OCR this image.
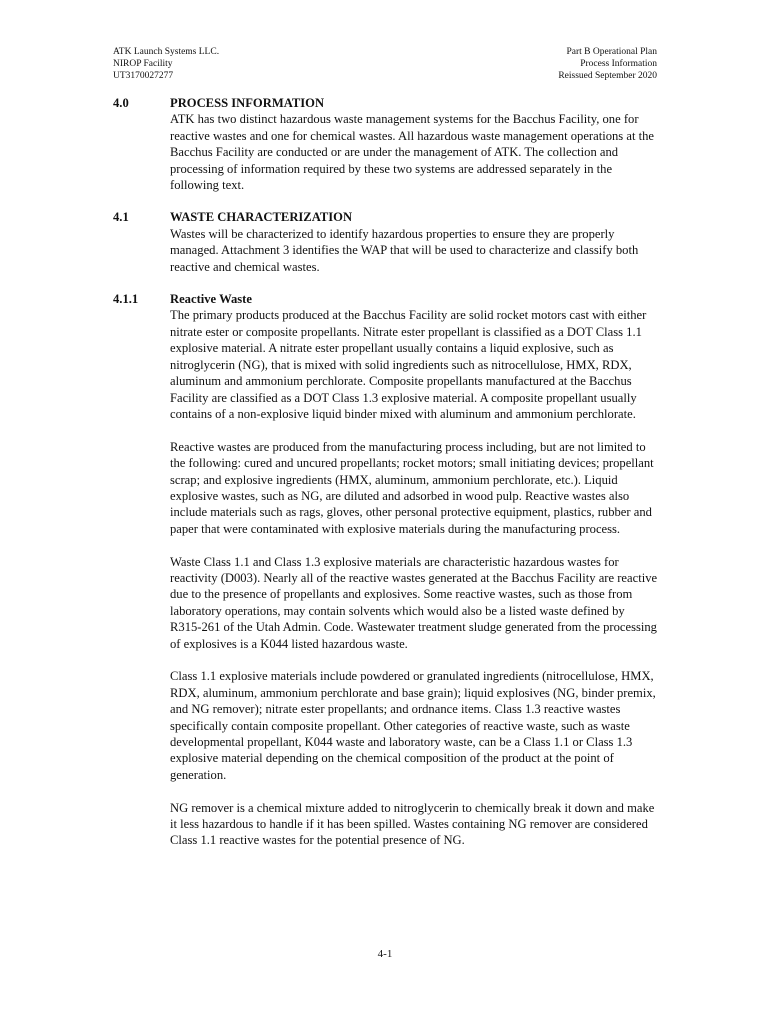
ATK Launch Systems LLC.
NIROP Facility
UT3170027277
Part B Operational Plan
Process Information
Reissued September 2020
4.0	PROCESS INFORMATION

ATK has two distinct hazardous waste management systems for the Bacchus Facility, one for reactive wastes and one for chemical wastes. All hazardous waste management operations at the Bacchus Facility are conducted or are under the management of ATK. The collection and processing of information required by these two systems are addressed separately in the following text.

4.1	WASTE CHARACTERIZATION

Wastes will be characterized to identify hazardous properties to ensure they are properly managed. Attachment 3 identifies the WAP that will be used to characterize and classify both reactive and chemical wastes.

4.1.1	Reactive Waste

The primary products produced at the Bacchus Facility are solid rocket motors cast with either nitrate ester or composite propellants. Nitrate ester propellant is classified as a DOT Class 1.1 explosive material. A nitrate ester propellant usually contains a liquid explosive, such as nitroglycerin (NG), that is mixed with solid ingredients such as nitrocellulose, HMX, RDX, aluminum and ammonium perchlorate. Composite propellants manufactured at the Bacchus Facility are classified as a DOT Class 1.3 explosive material. A composite propellant usually contains of a non-explosive liquid binder mixed with aluminum and ammonium perchlorate.

Reactive wastes are produced from the manufacturing process including, but are not limited to the following: cured and uncured propellants; rocket motors; small initiating devices; propellant scrap; and explosive ingredients (HMX, aluminum, ammonium perchlorate, etc.). Liquid explosive wastes, such as NG, are diluted and adsorbed in wood pulp. Reactive wastes also include materials such as rags, gloves, other personal protective equipment, plastics, rubber and paper that were contaminated with explosive materials during the manufacturing process.

Waste Class 1.1 and Class 1.3 explosive materials are characteristic hazardous wastes for reactivity (D003). Nearly all of the reactive wastes generated at the Bacchus Facility are reactive due to the presence of propellants and explosives. Some reactive wastes, such as those from laboratory operations, may contain solvents which would also be a listed waste defined by R315-261 of the Utah Admin. Code. Wastewater treatment sludge generated from the processing of explosives is a K044 listed hazardous waste.

Class 1.1 explosive materials include powdered or granulated ingredients (nitrocellulose, HMX, RDX, aluminum, ammonium perchlorate and base grain); liquid explosives (NG, binder premix, and NG remover); nitrate ester propellants; and ordnance items. Class 1.3 reactive wastes specifically contain composite propellant. Other categories of reactive waste, such as waste developmental propellant, K044 waste and laboratory waste, can be a Class 1.1 or Class 1.3 explosive material depending on the chemical composition of the product at the point of generation.

NG remover is a chemical mixture added to nitroglycerin to chemically break it down and make it less hazardous to handle if it has been spilled. Wastes containing NG remover are considered Class 1.1 reactive wastes for the potential presence of NG.

4-1
